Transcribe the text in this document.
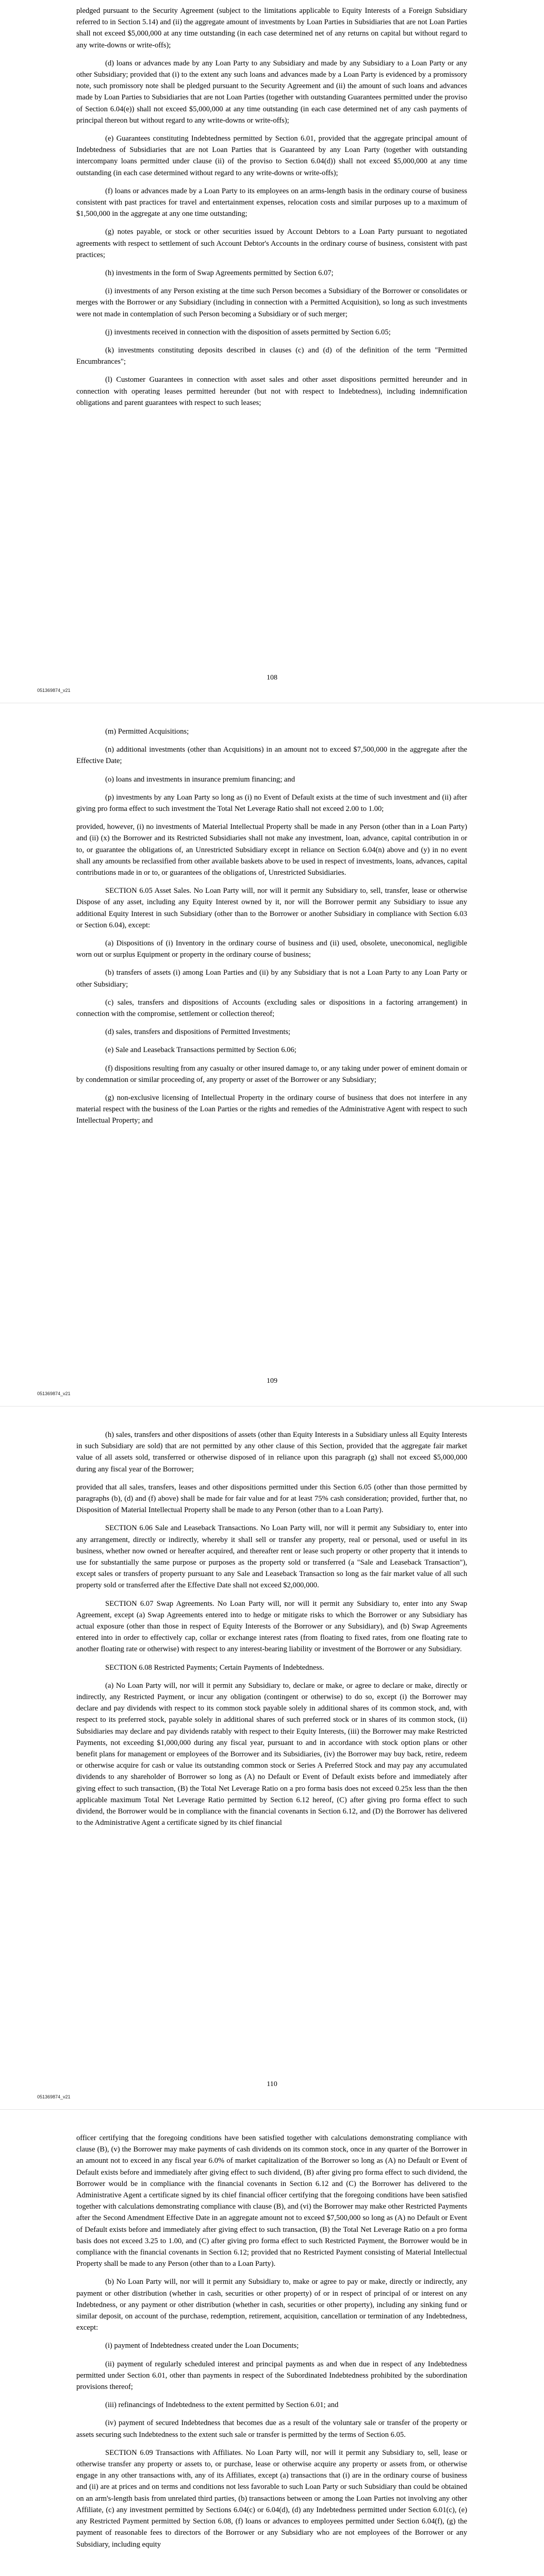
pledged pursuant to the Security Agreement (subject to the limitations applicable to Equity Interests of a Foreign Subsidiary referred to in Section 5.14) and (ii) the aggregate amount of investments by Loan Parties in Subsidiaries that are not Loan Parties shall not exceed $5,000,000 at any time outstanding (in each case determined net of any returns on capital but without regard to any write-downs or write-offs);

(d) loans or advances made by any Loan Party to any Subsidiary and made by any Subsidiary to a Loan Party or any other Subsidiary; provided that (i) to the extent any such loans and advances made by a Loan Party is evidenced by a promissory note, such promissory note shall be pledged pursuant to the Security Agreement and (ii) the amount of such loans and advances made by Loan Parties to Subsidiaries that are not Loan Parties (together with outstanding Guarantees permitted under the proviso of Section 6.04(e)) shall not exceed $5,000,000 at any time outstanding (in each case determined net of any cash payments of principal thereon but without regard to any write-downs or write-offs);

(e) Guarantees constituting Indebtedness permitted by Section 6.01, provided that the aggregate principal amount of Indebtedness of Subsidiaries that are not Loan Parties that is Guaranteed by any Loan Party (together with outstanding intercompany loans permitted under clause (ii) of the proviso to Section 6.04(d)) shall not exceed $5,000,000 at any time outstanding (in each case determined without regard to any write-downs or write-offs);

(f) loans or advances made by a Loan Party to its employees on an arms-length basis in the ordinary course of business consistent with past practices for travel and entertainment expenses, relocation costs and similar purposes up to a maximum of $1,500,000 in the aggregate at any one time outstanding;

(g) notes payable, or stock or other securities issued by Account Debtors to a Loan Party pursuant to negotiated agreements with respect to settlement of such Account Debtor's Accounts in the ordinary course of business, consistent with past practices;

(h) investments in the form of Swap Agreements permitted by Section 6.07;

(i) investments of any Person existing at the time such Person becomes a Subsidiary of the Borrower or consolidates or merges with the Borrower or any Subsidiary (including in connection with a Permitted Acquisition), so long as such investments were not made in contemplation of such Person becoming a Subsidiary or of such merger;

(j) investments received in connection with the disposition of assets permitted by Section 6.05;

(k) investments constituting deposits described in clauses (c) and (d) of the definition of the term "Permitted Encumbrances";

(l) Customer Guarantees in connection with asset sales and other asset dispositions permitted hereunder and in connection with operating leases permitted hereunder (but not with respect to Indebtedness), including indemnification obligations and parent guarantees with respect to such leases;

108
051369874_v21

(m) Permitted Acquisitions;

(n) additional investments (other than Acquisitions) in an amount not to exceed $7,500,000 in the aggregate after the Effective Date;

(o) loans and investments in insurance premium financing; and

(p) investments by any Loan Party so long as (i) no Event of Default exists at the time of such investment and (ii) after giving pro forma effect to such investment the Total Net Leverage Ratio shall not exceed 2.00 to 1.00;

provided, however, (i) no investments of Material Intellectual Property shall be made in any Person (other than in a Loan Party) and (ii) (x) the Borrower and its Restricted Subsidiaries shall not make any investment, loan, advance, capital contribution in or to, or guarantee the obligations of, an Unrestricted Subsidiary except in reliance on Section 6.04(n) above and (y) in no event shall any amounts be reclassified from other available baskets above to be used in respect of investments, loans, advances, capital contributions made in or to, or guarantees of the obligations of, Unrestricted Subsidiaries.

SECTION 6.05 Asset Sales. No Loan Party will, nor will it permit any Subsidiary to, sell, transfer, lease or otherwise Dispose of any asset, including any Equity Interest owned by it, nor will the Borrower permit any Subsidiary to issue any additional Equity Interest in such Subsidiary (other than to the Borrower or another Subsidiary in compliance with Section 6.03 or Section 6.04), except:

(a) Dispositions of (i) Inventory in the ordinary course of business and (ii) used, obsolete, uneconomical, negligible worn out or surplus Equipment or property in the ordinary course of business;

(b) transfers of assets (i) among Loan Parties and (ii) by any Subsidiary that is not a Loan Party to any Loan Party or other Subsidiary;

(c) sales, transfers and dispositions of Accounts (excluding sales or dispositions in a factoring arrangement) in connection with the compromise, settlement or collection thereof;

(d) sales, transfers and dispositions of Permitted Investments;

(e) Sale and Leaseback Transactions permitted by Section 6.06;

(f) dispositions resulting from any casualty or other insured damage to, or any taking under power of eminent domain or by condemnation or similar proceeding of, any property or asset of the Borrower or any Subsidiary;

(g) non-exclusive licensing of Intellectual Property in the ordinary course of business that does not interfere in any material respect with the business of the Loan Parties or the rights and remedies of the Administrative Agent with respect to such Intellectual Property; and

109
051369874_v21

(h) sales, transfers and other dispositions of assets (other than Equity Interests in a Subsidiary unless all Equity Interests in such Subsidiary are sold) that are not permitted by any other clause of this Section, provided that the aggregate fair market value of all assets sold, transferred or otherwise disposed of in reliance upon this paragraph (g) shall not exceed $5,000,000 during any fiscal year of the Borrower;

provided that all sales, transfers, leases and other dispositions permitted under this Section 6.05 (other than those permitted by paragraphs (b), (d) and (f) above) shall be made for fair value and for at least 75% cash consideration; provided, further that, no Disposition of Material Intellectual Property shall be made to any Person (other than to a Loan Party).

SECTION 6.06 Sale and Leaseback Transactions. No Loan Party will, nor will it permit any Subsidiary to, enter into any arrangement, directly or indirectly, whereby it shall sell or transfer any property, real or personal, used or useful in its business, whether now owned or hereafter acquired, and thereafter rent or lease such property or other property that it intends to use for substantially the same purpose or purposes as the property sold or transferred (a "Sale and Leaseback Transaction"), except sales or transfers of property pursuant to any Sale and Leaseback Transaction so long as the fair market value of all such property sold or transferred after the Effective Date shall not exceed $2,000,000.

SECTION 6.07 Swap Agreements. No Loan Party will, nor will it permit any Subsidiary to, enter into any Swap Agreement, except (a) Swap Agreements entered into to hedge or mitigate risks to which the Borrower or any Subsidiary has actual exposure (other than those in respect of Equity Interests of the Borrower or any Subsidiary), and (b) Swap Agreements entered into in order to effectively cap, collar or exchange interest rates (from floating to fixed rates, from one floating rate to another floating rate or otherwise) with respect to any interest-bearing liability or investment of the Borrower or any Subsidiary.

SECTION 6.08 Restricted Payments; Certain Payments of Indebtedness.

(a) No Loan Party will, nor will it permit any Subsidiary to, declare or make, or agree to declare or make, directly or indirectly, any Restricted Payment, or incur any obligation (contingent or otherwise) to do so, except (i) the Borrower may declare and pay dividends with respect to its common stock payable solely in additional shares of its common stock, and, with respect to its preferred stock, payable solely in additional shares of such preferred stock or in shares of its common stock, (ii) Subsidiaries may declare and pay dividends ratably with respect to their Equity Interests, (iii) the Borrower may make Restricted Payments, not exceeding $1,000,000 during any fiscal year, pursuant to and in accordance with stock option plans or other benefit plans for management or employees of the Borrower and its Subsidiaries, (iv) the Borrower may buy back, retire, redeem or otherwise acquire for cash or value its outstanding common stock or Series A Preferred Stock and may pay any accumulated dividends to any shareholder of Borrower so long as (A) no Default or Event of Default exists before and immediately after giving effect to such transaction, (B) the Total Net Leverage Ratio on a pro forma basis does not exceed 0.25x less than the then applicable maximum Total Net Leverage Ratio permitted by Section 6.12 hereof, (C) after giving pro forma effect to such dividend, the Borrower would be in compliance with the financial covenants in Section 6.12, and (D) the Borrower has delivered to the Administrative Agent a certificate signed by its chief financial

110
051369874_v21

officer certifying that the foregoing conditions have been satisfied together with calculations demonstrating compliance with clause (B), (v) the Borrower may make payments of cash dividends on its common stock, once in any quarter of the Borrower in an amount not to exceed in any fiscal year 6.0% of market capitalization of the Borrower so long as (A) no Default or Event of Default exists before and immediately after giving effect to such dividend, (B) after giving pro forma effect to such dividend, the Borrower would be in compliance with the financial covenants in Section 6.12 and (C) the Borrower has delivered to the Administrative Agent a certificate signed by its chief financial officer certifying that the foregoing conditions have been satisfied together with calculations demonstrating compliance with clause (B), and (vi) the Borrower may make other Restricted Payments after the Second Amendment Effective Date in an aggregate amount not to exceed $7,500,000 so long as (A) no Default or Event of Default exists before and immediately after giving effect to such transaction, (B) the Total Net Leverage Ratio on a pro forma basis does not exceed 3.25 to 1.00, and (C) after giving pro forma effect to such Restricted Payment, the Borrower would be in compliance with the financial covenants in Section 6.12; provided that no Restricted Payment consisting of Material Intellectual Property shall be made to any Person (other than to a Loan Party).

(b) No Loan Party will, nor will it permit any Subsidiary to, make or agree to pay or make, directly or indirectly, any payment or other distribution (whether in cash, securities or other property) of or in respect of principal of or interest on any Indebtedness, or any payment or other distribution (whether in cash, securities or other property), including any sinking fund or similar deposit, on account of the purchase, redemption, retirement, acquisition, cancellation or termination of any Indebtedness, except:

(i) payment of Indebtedness created under the Loan Documents;

(ii) payment of regularly scheduled interest and principal payments as and when due in respect of any Indebtedness permitted under Section 6.01, other than payments in respect of the Subordinated Indebtedness prohibited by the subordination provisions thereof;

(iii) refinancings of Indebtedness to the extent permitted by Section 6.01; and

(iv) payment of secured Indebtedness that becomes due as a result of the voluntary sale or transfer of the property or assets securing such Indebtedness to the extent such sale or transfer is permitted by the terms of Section 6.05.

SECTION 6.09 Transactions with Affiliates. No Loan Party will, nor will it permit any Subsidiary to, sell, lease or otherwise transfer any property or assets to, or purchase, lease or otherwise acquire any property or assets from, or otherwise engage in any other transactions with, any of its Affiliates, except (a) transactions that (i) are in the ordinary course of business and (ii) are at prices and on terms and conditions not less favorable to such Loan Party or such Subsidiary than could be obtained on an arm's-length basis from unrelated third parties, (b) transactions between or among the Loan Parties not involving any other Affiliate, (c) any investment permitted by Sections 6.04(c) or 6.04(d), (d) any Indebtedness permitted under Section 6.01(c), (e) any Restricted Payment permitted by Section 6.08, (f) loans or advances to employees permitted under Section 6.04(f), (g) the payment of reasonable fees to directors of the Borrower or any Subsidiary who are not employees of the Borrower or any Subsidiary, including equity
